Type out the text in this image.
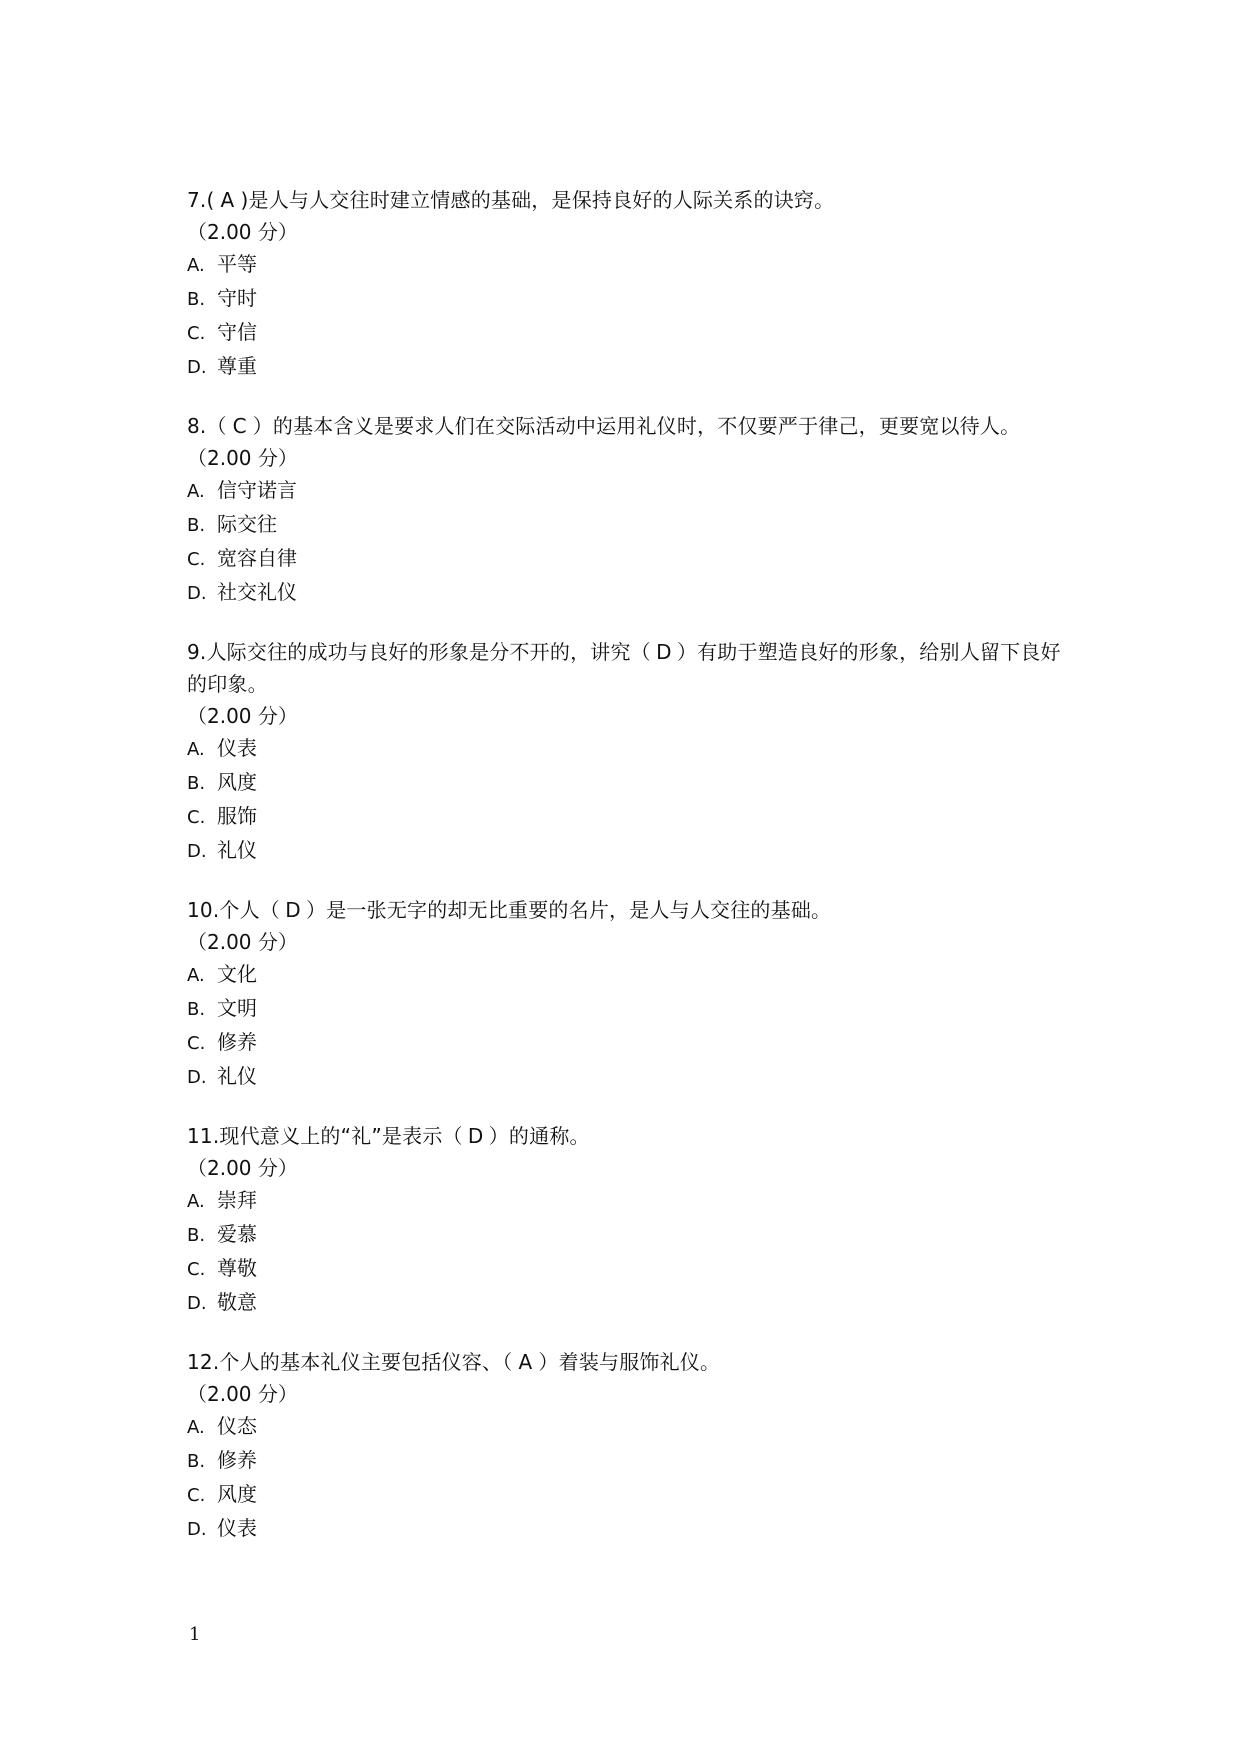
7.( A )是人与人交往时建立情感的基础，是保持良好的人际关系的诀窍。

（2.00 分）

A. 平等
B. 守时
C. 守信
D. 尊重

8.（ C ）的基本含义是要求人们在交际活动中运用礼仪时，不仅要严于律己，更要宽以待人。

（2.00 分）

A. 信守诺言
B. 际交往
C. 宽容自律
D. 社交礼仪

9.人际交往的成功与良好的形象是分不开的，讲究（ D ）有助于塑造良好的形象，给别人留下良好的印象。

（2.00 分）

A. 仪表
B. 风度
C. 服饰
D. 礼仪

10.个人（ D ）是一张无字的却无比重要的名片，是人与人交往的基础。

（2.00 分）

A. 文化
B. 文明
C. 修养
D. 礼仪

11.现代意义上的“礼”是表示（ D ）的通称。

（2.00 分）

A. 崇拜
B. 爱慕
C. 尊敬
D. 敬意

12.个人的基本礼仪主要包括仪容、（ A ）着装与服饰礼仪。

（2.00 分）

A. 仪态
B. 修养
C. 风度
D. 仪表
1
